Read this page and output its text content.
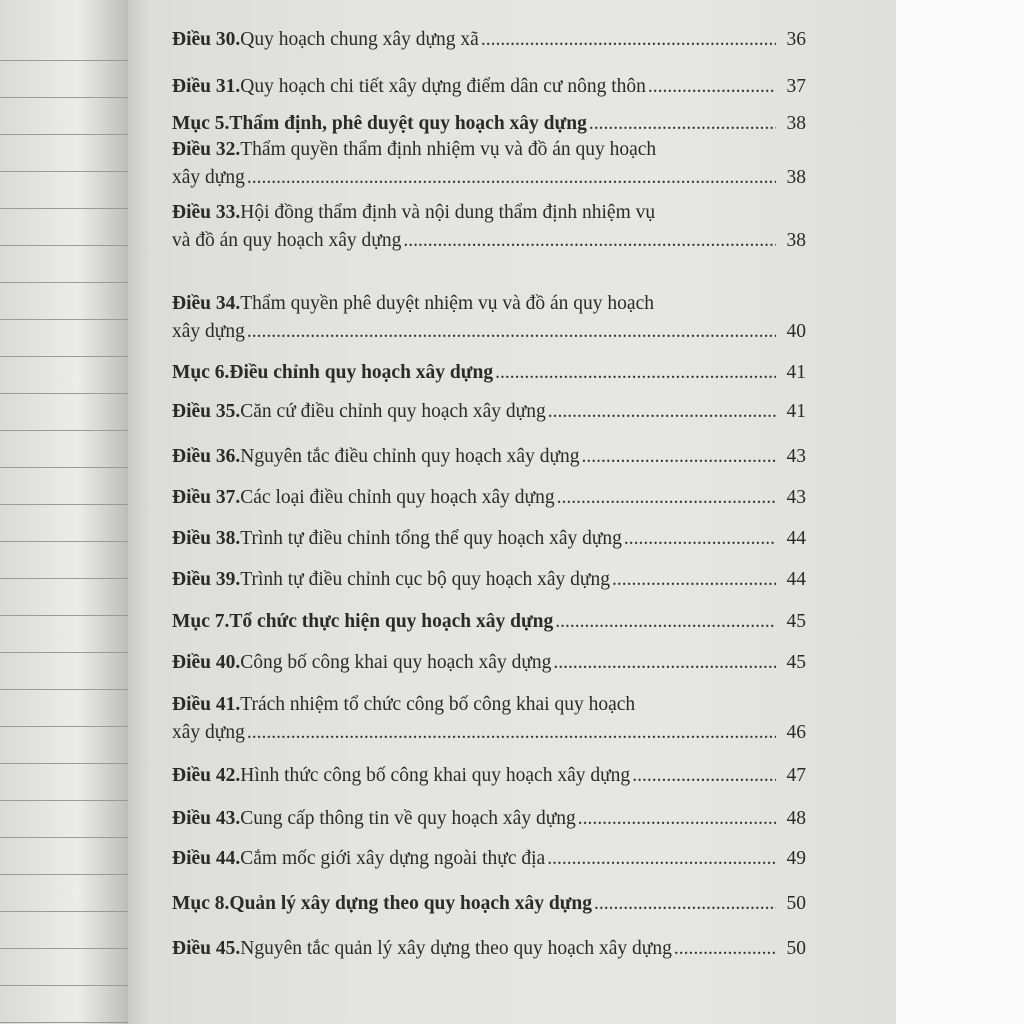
Điều 30. Quy hoạch chung xây dựng xã .....	36
Điều 31. Quy hoạch chi tiết xây dựng điểm dân cư nông thôn .....	37
Mục 5. Thẩm định, phê duyệt quy hoạch xây dựng .....	38
Điều 32. Thẩm quyền thẩm định nhiệm vụ và đồ án quy hoạch
xây dựng .....	38
Điều 33. Hội đồng thẩm định và nội dung thẩm định nhiệm vụ
và đồ án quy hoạch xây dựng .....	38
Điều 34. Thẩm quyền phê duyệt nhiệm vụ và đồ án quy hoạch
xây dựng .....	40
Mục 6. Điều chỉnh quy hoạch xây dựng .....	41
Điều 35. Căn cứ điều chỉnh quy hoạch xây dựng .....	41
Điều 36. Nguyên tắc điều chỉnh quy hoạch xây dựng .....	43
Điều 37. Các loại điều chỉnh quy hoạch xây dựng .....	43
Điều 38. Trình tự điều chỉnh tổng thể quy hoạch xây dựng .....	44
Điều 39. Trình tự điều chỉnh cục bộ quy hoạch xây dựng .....	44
Mục 7. Tổ chức thực hiện quy hoạch xây dựng .....	45
Điều 40. Công bố công khai quy hoạch xây dựng .....	45
Điều 41. Trách nhiệm tổ chức công bố công khai quy hoạch
xây dựng .....	46
Điều 42. Hình thức công bố công khai quy hoạch xây dựng .....	47
Điều 43. Cung cấp thông tin về quy hoạch xây dựng .....	48
Điều 44. Cắm mốc giới xây dựng ngoài thực địa .....	49
Mục 8. Quản lý xây dựng theo quy hoạch xây dựng .....	50
Điều 45. Nguyên tắc quản lý xây dựng theo quy hoạch xây dựng .....	50
